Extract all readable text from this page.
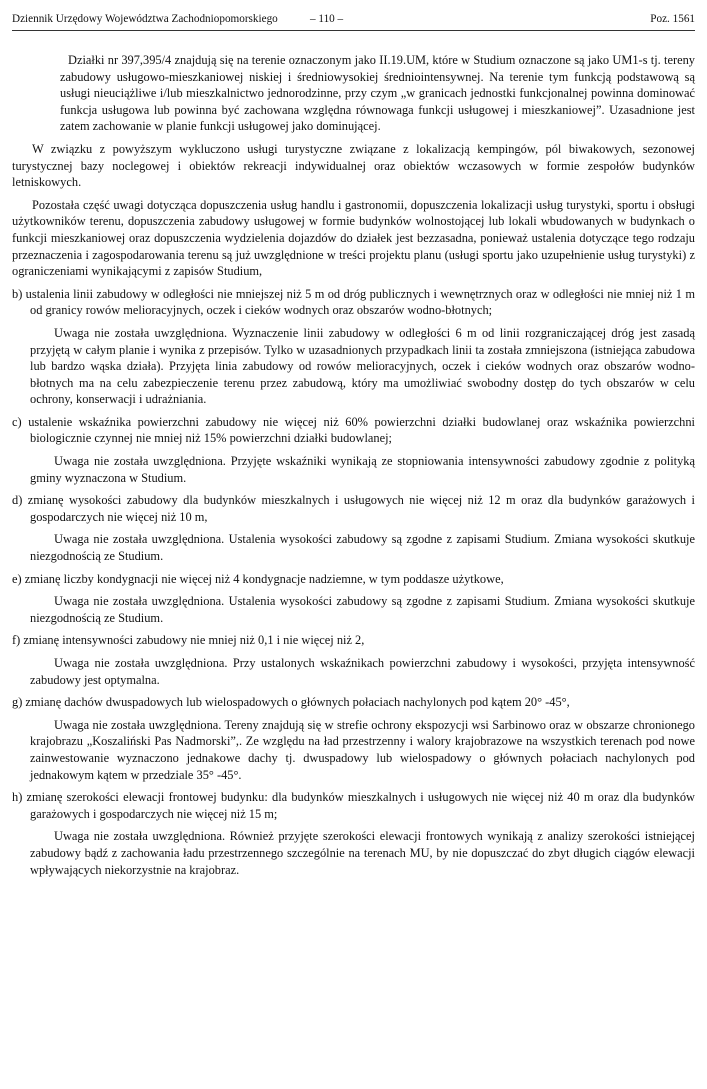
Dziennik Urzędowy Województwa Zachodniopomorskiego	– 110 –	Poz. 1561

Działki nr 397,395/4 znajdują się na terenie oznaczonym jako II.19.UM, które w Studium oznaczone są jako UM1-s tj. tereny zabudowy usługowo-mieszkaniowej niskiej i średniowysokiej średniointensywnej. Na terenie tym funkcją podstawową są usługi nieuciążliwe i/lub mieszkalnictwo jednorodzinne, przy czym „w granicach jednostki funkcjonalnej powinna dominować funkcja usługowa lub powinna być zachowana względna równowaga funkcji usługowej i mieszkaniowej”. Uzasadnione jest zatem zachowanie w planie funkcji usługowej jako dominującej.

W związku z powyższym wykluczono usługi turystyczne związane z lokalizacją kempingów, pól biwakowych, sezonowej turystycznej bazy noclegowej i obiektów rekreacji indywidualnej oraz obiektów wczasowych w formie zespołów budynków letniskowych.

Pozostała część uwagi dotycząca dopuszczenia usług handlu i gastronomii, dopuszczenia lokalizacji usług turystyki, sportu i obsługi użytkowników terenu, dopuszczenia zabudowy usługowej w formie budynków wolnostojącej lub lokali wbudowanych w budynkach o funkcji mieszkaniowej oraz dopuszczenia wydzielenia dojazdów do działek jest bezzasadna, ponieważ ustalenia dotyczące tego rodzaju przeznaczenia i zagospodarowania terenu są już uwzględnione w treści projektu planu (usługi sportu jako uzupełnienie usług turystyki) z ograniczeniami wynikającymi z zapisów Studium,

b) ustalenia linii zabudowy w odległości nie mniejszej niż 5 m od dróg publicznych i wewnętrznych oraz w odległości nie mniej niż 1 m od granicy rowów melioracyjnych, oczek i cieków wodnych oraz obszarów wodno-błotnych;

Uwaga nie została uwzględniona. Wyznaczenie linii zabudowy w odległości 6 m od linii rozgraniczającej dróg jest zasadą przyjętą w całym planie i wynika z przepisów. Tylko w uzasadnionych przypadkach linii ta została zmniejszona (istniejąca zabudowa lub bardzo wąska działa). Przyjęta linia zabudowy od rowów melioracyjnych, oczek i cieków wodnych oraz obszarów wodno-błotnych ma na celu zabezpieczenie terenu przez zabudową, który ma umożliwiać swobodny dostęp do tych obszarów w celu ochrony, konserwacji i udrażniania.

c) ustalenie wskaźnika powierzchni zabudowy nie więcej niż 60% powierzchni działki budowlanej oraz wskaźnika powierzchni biologicznie czynnej nie mniej niż 15% powierzchni działki budowlanej;

Uwaga nie została uwzględniona. Przyjęte wskaźniki wynikają ze stopniowania intensywności zabudowy zgodnie z polityką gminy wyznaczona w Studium.

d) zmianę wysokości zabudowy dla budynków mieszkalnych i usługowych nie więcej niż 12 m oraz dla budynków garażowych i gospodarczych nie więcej niż 10 m,

Uwaga nie została uwzględniona. Ustalenia wysokości zabudowy są zgodne z zapisami Studium. Zmiana wysokości skutkuje niezgodnością ze Studium.

e) zmianę liczby kondygnacji nie więcej niż 4 kondygnacje nadziemne, w tym poddasze użytkowe,

Uwaga nie została uwzględniona. Ustalenia wysokości zabudowy są zgodne z zapisami Studium. Zmiana wysokości skutkuje niezgodnością ze Studium.

f) zmianę intensywności zabudowy nie mniej niż 0,1 i nie więcej niż 2,

Uwaga nie została uwzględniona. Przy ustalonych wskaźnikach powierzchni zabudowy i wysokości, przyjęta intensywność zabudowy jest optymalna.

g) zmianę dachów dwuspadowych lub wielospadowych o głównych połaciach nachylonych pod kątem 20° -45°,

Uwaga nie została uwzględniona. Tereny znajdują się w strefie ochrony ekspozycji wsi Sarbinowo oraz w obszarze chronionego krajobrazu „Koszaliński Pas Nadmorski”,. Ze względu na ład przestrzenny i walory krajobrazowe na wszystkich terenach pod nowe zainwestowanie wyznaczono jednakowe dachy tj. dwuspadowy lub wielospadowy o głównych połaciach nachylonych pod jednakowym kątem w przedziale 35° -45°.

h) zmianę szerokości elewacji frontowej budynku: dla budynków mieszkalnych i usługowych nie więcej niż 40 m oraz dla budynków garażowych i gospodarczych nie więcej niż 15 m;

Uwaga nie została uwzględniona. Również przyjęte szerokości elewacji frontowych wynikają z analizy szerokości istniejącej zabudowy bądź z zachowania ładu przestrzennego szczególnie na terenach MU, by nie dopuszczać do zbyt długich ciągów elewacji wpływających niekorzystnie na krajobraz.
